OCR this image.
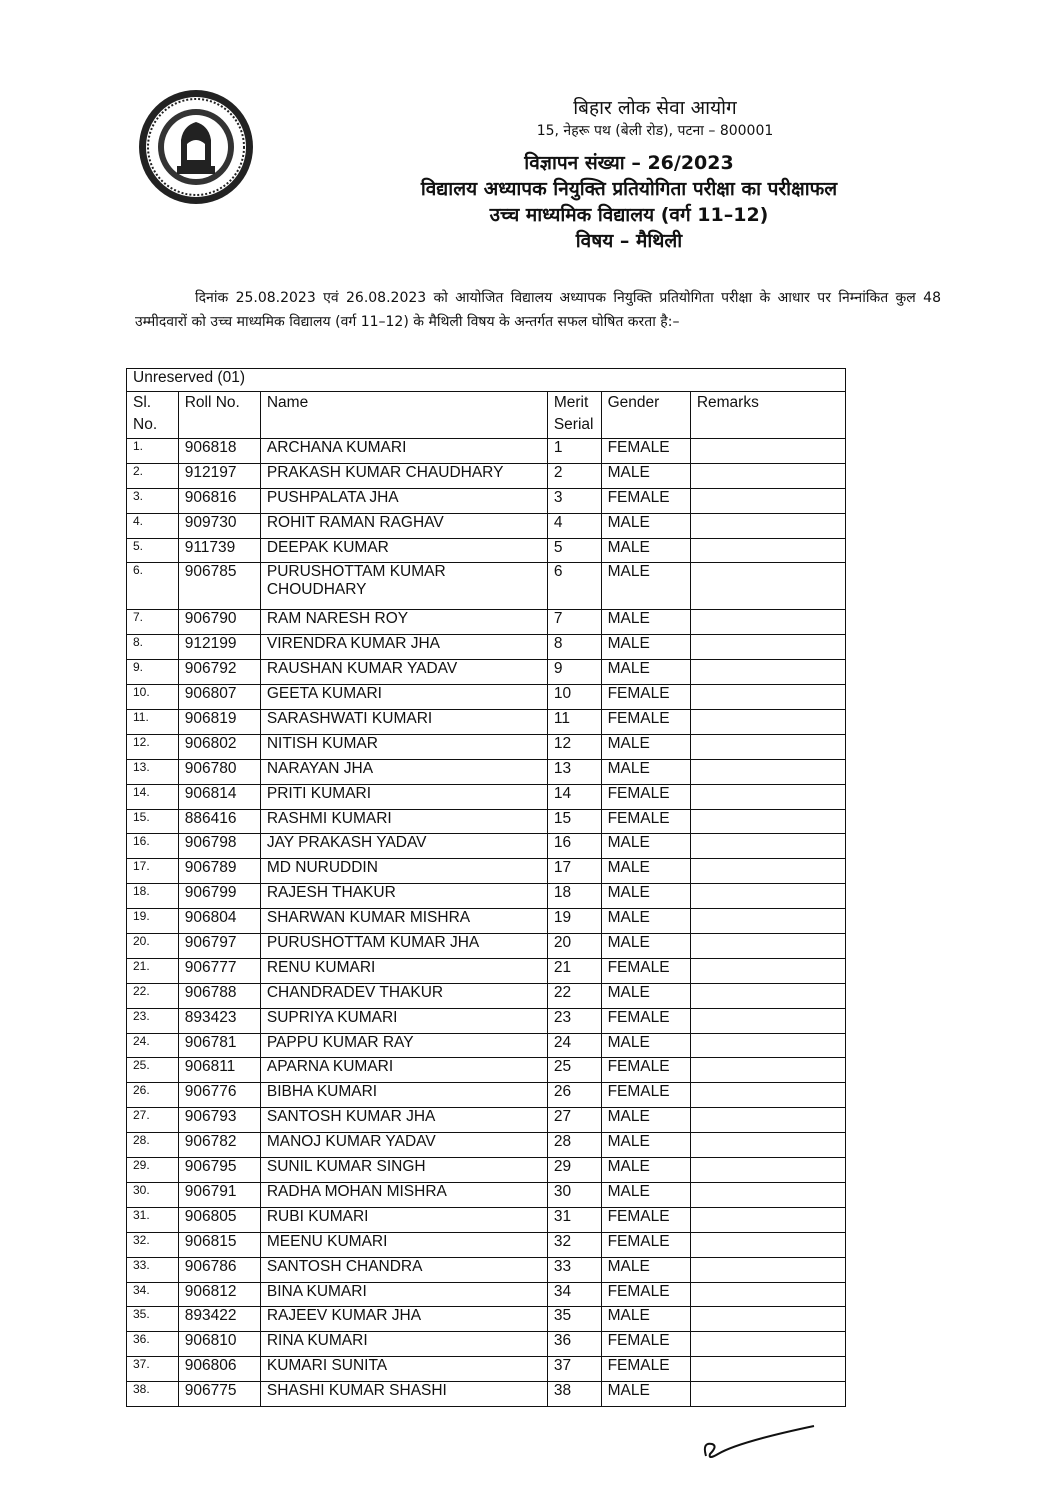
बिहार लोक सेवा आयोग
15, नेहरू पथ (बेली रोड), पटना – 800001
विज्ञापन संख्या – 26/2023
विद्यालय अध्यापक नियुक्ति प्रतियोगिता परीक्षा का परीक्षाफल
उच्च माध्यमिक विद्यालय (वर्ग 11–12)
विषय – मैथिली
दिनांक 25.08.2023 एवं 26.08.2023 को आयोजित विद्यालय अध्यापक नियुक्ति प्रतियोगिता परीक्षा के आधार पर निम्नांकित कुल 48 उम्मीदवारों को उच्च माध्यमिक विद्यालय (वर्ग 11–12) के मैथिली विषय के अन्तर्गत सफल घोषित करता है:–
Unreserved (01)					
Sl. No.	Roll No.	Name	Merit Serial	Gender	Remarks
1.	906818	ARCHANA KUMARI	1	FEMALE	
2.	912197	PRAKASH KUMAR CHAUDHARY	2	MALE	
3.	906816	PUSHPALATA JHA	3	FEMALE	
4.	909730	ROHIT RAMAN RAGHAV	4	MALE	
5.	911739	DEEPAK KUMAR	5	MALE	
6.	906785	PURUSHOTTAM KUMAR CHOUDHARY	6	MALE	
7.	906790	RAM NARESH ROY	7	MALE	
8.	912199	VIRENDRA KUMAR JHA	8	MALE	
9.	906792	RAUSHAN KUMAR YADAV	9	MALE	
10.	906807	GEETA KUMARI	10	FEMALE	
11.	906819	SARASHWATI KUMARI	11	FEMALE	
12.	906802	NITISH KUMAR	12	MALE	
13.	906780	NARAYAN JHA	13	MALE	
14.	906814	PRITI KUMARI	14	FEMALE	
15.	886416	RASHMI KUMARI	15	FEMALE	
16.	906798	JAY PRAKASH YADAV	16	MALE	
17.	906789	MD NURUDDIN	17	MALE	
18.	906799	RAJESH THAKUR	18	MALE	
19.	906804	SHARWAN KUMAR MISHRA	19	MALE	
20.	906797	PURUSHOTTAM KUMAR JHA	20	MALE	
21.	906777	RENU KUMARI	21	FEMALE	
22.	906788	CHANDRADEV THAKUR	22	MALE	
23.	893423	SUPRIYA KUMARI	23	FEMALE	
24.	906781	PAPPU KUMAR RAY	24	MALE	
25.	906811	APARNA KUMARI	25	FEMALE	
26.	906776	BIBHA KUMARI	26	FEMALE	
27.	906793	SANTOSH KUMAR JHA	27	MALE	
28.	906782	MANOJ KUMAR YADAV	28	MALE	
29.	906795	SUNIL KUMAR SINGH	29	MALE	
30.	906791	RADHA MOHAN MISHRA	30	MALE	
31.	906805	RUBI KUMARI	31	FEMALE	
32.	906815	MEENU KUMARI	32	FEMALE	
33.	906786	SANTOSH CHANDRA	33	MALE	
34.	906812	BINA KUMARI	34	FEMALE	
35.	893422	RAJEEV KUMAR JHA	35	MALE	
36.	906810	RINA KUMARI	36	FEMALE	
37.	906806	KUMARI SUNITA	37	FEMALE	
38.	906775	SHASHI KUMAR SHASHI	38	MALE	
